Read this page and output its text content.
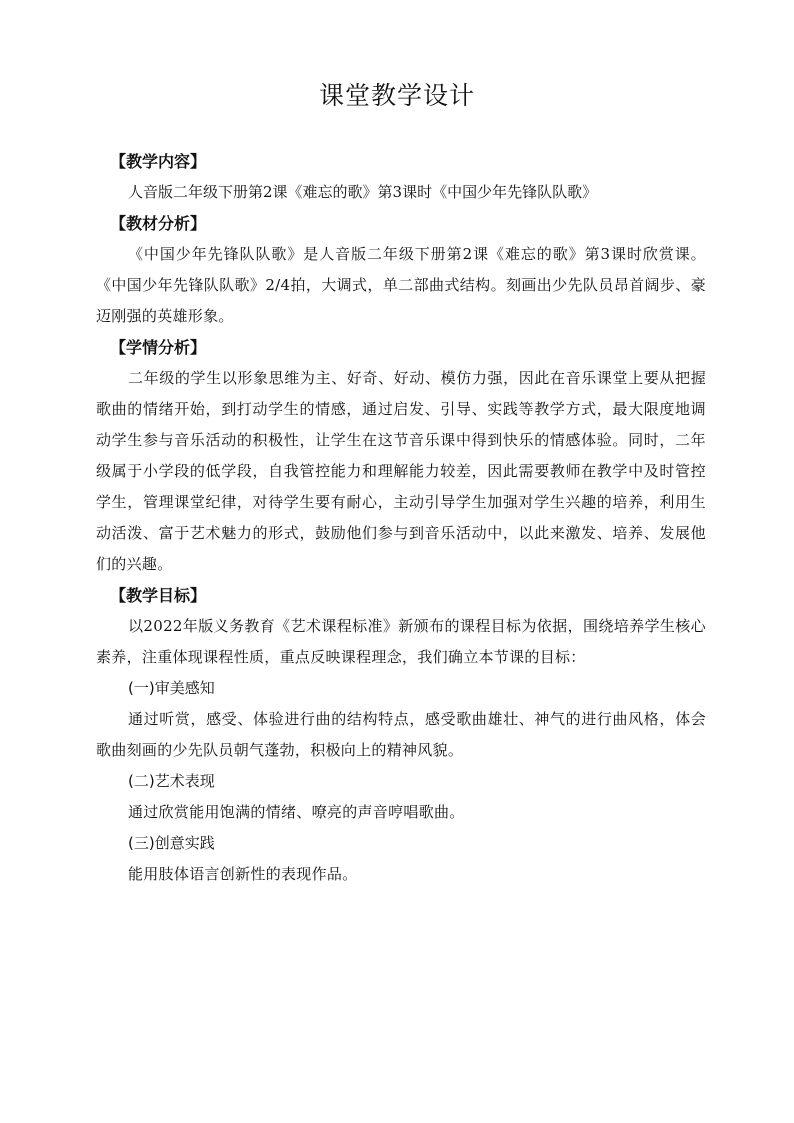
课堂教学设计

【教学内容】

人音版二年级下册第2课《难忘的歌》第3课时《中国少年先锋队队歌》

【教材分析】

《中国少年先锋队队歌》是人音版二年级下册第2课《难忘的歌》第3课时欣赏课。《中国少年先锋队队歌》2/4拍，大调式，单二部曲式结构。刻画出少先队员昂首阔步、豪迈刚强的英雄形象。

【学情分析】

二年级的学生以形象思维为主、好奇、好动、模仿力强，因此在音乐课堂上要从把握歌曲的情绪开始，到打动学生的情感，通过启发、引导、实践等教学方式，最大限度地调动学生参与音乐活动的积极性，让学生在这节音乐课中得到快乐的情感体验。同时，二年级属于小学段的低学段，自我管控能力和理解能力较差，因此需要教师在教学中及时管控学生，管理课堂纪律，对待学生要有耐心，主动引导学生加强对学生兴趣的培养，利用生动活泼、富于艺术魅力的形式，鼓励他们参与到音乐活动中，以此来激发、培养、发展他们的兴趣。

【教学目标】

以2022年版义务教育《艺术课程标准》新颁布的课程目标为依据，围绕培养学生核心素养，注重体现课程性质，重点反映课程理念，我们确立本节课的目标：

(一)审美感知

通过听赏，感受、体验进行曲的结构特点，感受歌曲雄壮、神气的进行曲风格，体会歌曲刻画的少先队员朝气蓬勃，积极向上的精神风貌。

(二)艺术表现

通过欣赏能用饱满的情绪、嘹亮的声音哼唱歌曲。

(三)创意实践

能用肢体语言创新性的表现作品。
